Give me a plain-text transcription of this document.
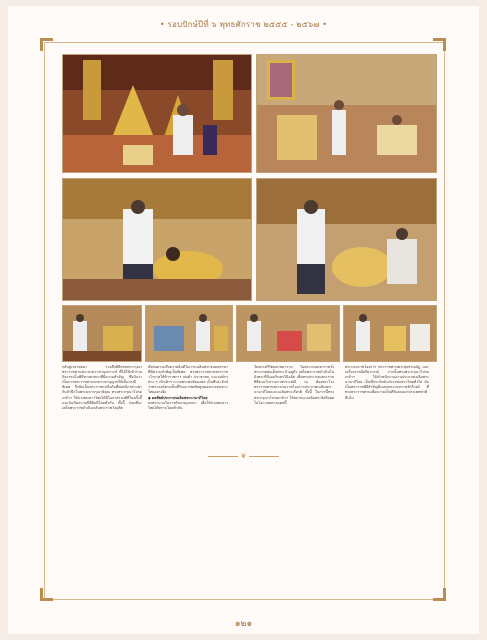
• รอบปักษ์ปีที่ ๖ พุทธศักราช ๒๕๕๕ - ๒๕๖๗ •
กลับสู่เวลาต่อมา รวมถึงพิธีทรงพระกรุณาพระราชทานพระบรมราชานุเคราะห์ ที่ได้ใช้เข้าร่วมกิจกรรมในพิธีทางศาสนาที่มีความสำคัญ ซึ่งนับว่าเป็นการพระราชทานบรมราชานุญาตให้เป็นกรณีพิเศษ จึงนับเป็นพระราชกรณียกิจที่พสกนิกรต่างพากันสำนึกในพระมหากรุณาธิคุณ ทรงพระกรุณาโปรดเกล้าฯ ให้ปวงชนชาวไทยได้มีโอกาสร่วมพิธีในครั้งนี้ และบังเกิดความปีติยินดีโดยทั่วกัน ทั้งนี้ ก่อนที่จะเสด็จพระราชดำเนินกลับพระราชวังดุสิต
ทั้งหมดรวมถึงความยินดีในการเฉลิมพระชนมพรรษาที่มีความสำคัญเป็นพิเศษ ทรงพระราชทานพระราชวโรกาสให้ข้าราชการ พ่อค้า ประชาชน และองค์กรต่าง ๆ เข้าเฝ้าฯ ถวายพระพรชัยมงคล เป็นที่ประจักษ์ว่าพระองค์ทรงเป็นที่รักเคารพเทิดทูนของปวงชนชาวไทยอย่างยิ่ง
◆ ผลลัพธ์ประกาศเฉลิมพระนามาภิไธย
ลงพระนามในราชกิจจานุเบกษา เพื่อให้ปวงชนชาวไทยได้ทราบโดยทั่วกัน
วัดพระศรีรัตนศาสดาราม ในพระบรมมหาราชวัง พระบาทสมเด็จพระเจ้าอยู่หัว เสด็จพระราชดำเนินไปยังพระที่นั่งอมรินทรวินิจฉัย เพื่อทรงประกอบพระราชพิธีตามโบราณราชประเพณี ณ ท้องพระโรง พระราชทานพระบรมราชโองการประกาศเฉลิมพระนามาภิไธยและเฉลิมพระเกียรติ ทั้งนี้ ในการนี้ทรงพระกรุณาโปรดเกล้าฯ ให้สถาปนาเฉลิมพระอิสริยยศในโอกาสมหามงคลนี้
พระบรมราชโองการ พระราชทานพระสุพรรณบัฏ และเครื่องราชอิสริยาภรณ์ จากนั้นทรงพระกรุณาโปรดเกล้าฯ ให้เจ้าพนักงานอ่านประกาศเฉลิมพระนามาภิไธย เป็นที่ประจักษ์แก่ปวงชนชาวไทยทั่วไป นับเป็นพระราชพิธีสำคัญยิ่งแห่งพระบรมราชจักรีวงศ์ ที่ทรงพระราชทานเพื่อความเป็นสิริมงคลแก่ประเทศชาติสืบไป
❦
๑๒๑
